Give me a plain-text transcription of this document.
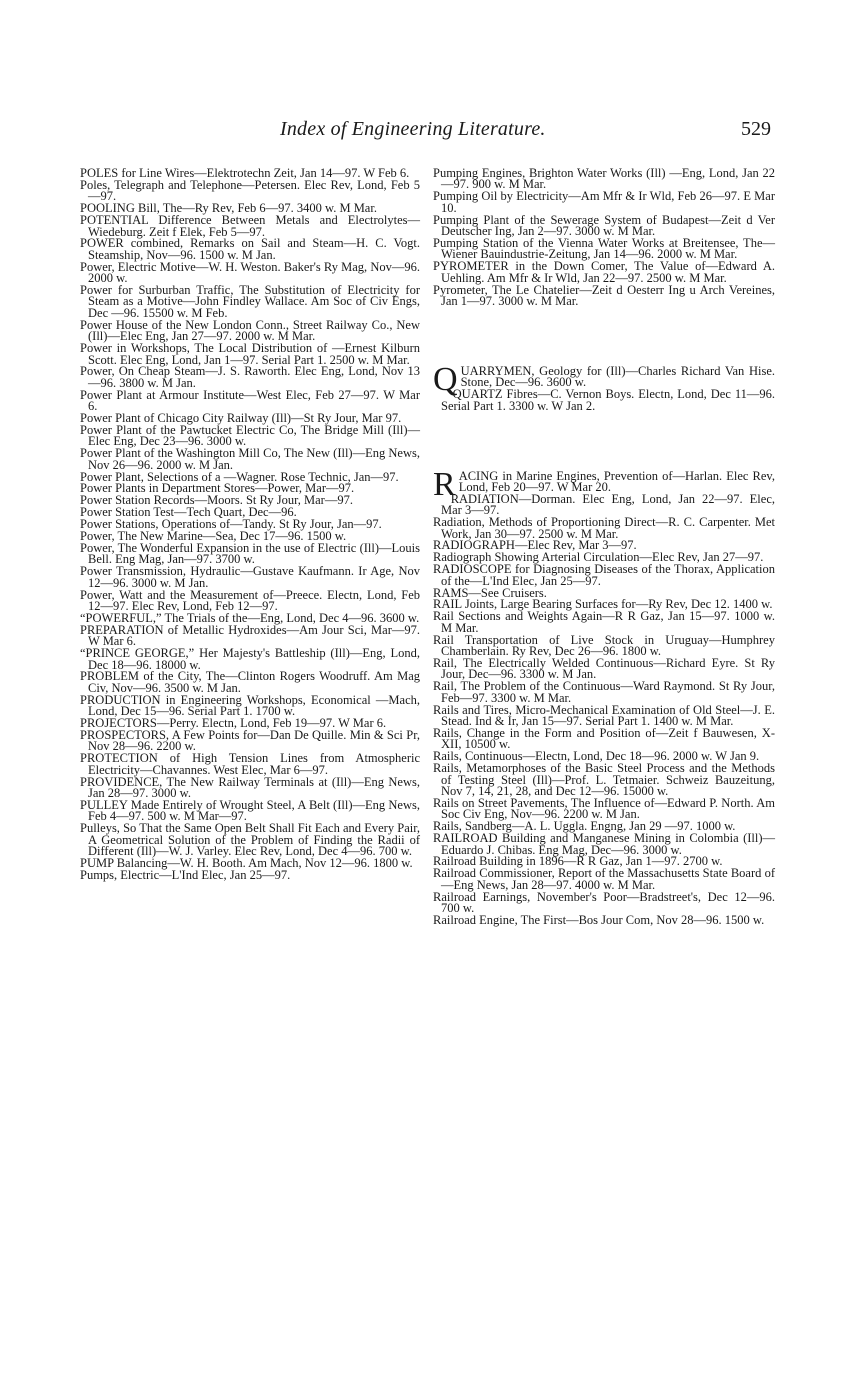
Index of Engineering Literature.	529

POLES for Line Wires—Elektrotechn Zeit, Jan 14—97. W Feb 6.

Poles, Telegraph and Telephone—Petersen. Elec Rev, Lond, Feb 5—97.

POOLING Bill, The—Ry Rev, Feb 6—97. 3400 w. M Mar.

POTENTIAL Difference Between Metals and Electrolytes—Wiedeburg. Zeit f Elek, Feb 5—97.

POWER combined, Remarks on Sail and Steam—H. C. Vogt. Steamship, Nov—96. 1500 w. M Jan.

Power, Electric Motive—W. H. Weston. Baker's Ry Mag, Nov—96. 2000 w.

Power for Surburban Traffic, The Substitution of Electricity for Steam as a Motive—John Findley Wallace. Am Soc of Civ Engs, Dec —96. 15500 w. M Feb.

Power House of the New London Conn., Street Railway Co., New (Ill)—Elec Eng, Jan 27—97. 2000 w. M Mar.

Power in Workshops, The Local Distribution of —Ernest Kilburn Scott. Elec Eng, Lond, Jan 1—97. Serial Part 1. 2500 w. M Mar.

Power, On Cheap Steam—J. S. Raworth. Elec Eng, Lond, Nov 13—96. 3800 w. M Jan.

Power Plant at Armour Institute—West Elec, Feb 27—97. W Mar 6.

Power Plant of Chicago City Railway (Ill)—St Ry Jour, Mar 97.

Power Plant of the Pawtucket Electric Co, The Bridge Mill (Ill)—Elec Eng, Dec 23—96. 3000 w.

Power Plant of the Washington Mill Co, The New (Ill)—Eng News, Nov 26—96. 2000 w. M Jan.

Power Plant, Selections of a —Wagner. Rose Technic, Jan—97.

Power Plants in Department Stores—Power, Mar—97.

Power Station Records—Moors. St Ry Jour, Mar—97.

Power Station Test—Tech Quart, Dec—96.

Power Stations, Operations of—Tandy. St Ry Jour, Jan—97.

Power, The New Marine—Sea, Dec 17—96. 1500 w.

Power, The Wonderful Expansion in the use of Electric (Ill)—Louis Bell. Eng Mag, Jan—97. 3700 w.

Power Transmission, Hydraulic—Gustave Kaufmann. Ir Age, Nov 12—96. 3000 w. M Jan.

Power, Watt and the Measurement of—Preece. Electn, Lond, Feb 12—97. Elec Rev, Lond, Feb 12—97.

“POWERFUL,” The Trials of the—Eng, Lond, Dec 4—96. 3600 w.

PREPARATION of Metallic Hydroxides—Am Jour Sci, Mar—97. W Mar 6.

“PRINCE GEORGE,” Her Majesty's Battleship (Ill)—Eng, Lond, Dec 18—96. 18000 w.

PROBLEM of the City, The—Clinton Rogers Woodruff. Am Mag Civ, Nov—96. 3500 w. M Jan.

PRODUCTION in Engineering Workshops, Economical —Mach, Lond, Dec 15—96. Serial Part 1. 1700 w.

PROJECTORS—Perry. Electn, Lond, Feb 19—97. W Mar 6.

PROSPECTORS, A Few Points for—Dan De Quille. Min & Sci Pr, Nov 28—96. 2200 w.

PROTECTION of High Tension Lines from Atmospheric Electricity—Chavannes. West Elec, Mar 6—97.

PROVIDENCE, The New Railway Terminals at (Ill)—Eng News, Jan 28—97. 3000 w.

PULLEY Made Entirely of Wrought Steel, A Belt (Ill)—Eng News, Feb 4—97. 500 w. M Mar—97.

Pulleys, So That the Same Open Belt Shall Fit Each and Every Pair, A Geometrical Solution of the Problem of Finding the Radii of Different (Ill)—W. J. Varley. Elec Rev, Lond, Dec 4—96. 700 w.

PUMP Balancing—W. H. Booth. Am Mach, Nov 12—96. 1800 w.

Pumps, Electric—L'Ind Elec, Jan 25—97.

Pumping Engines, Brighton Water Works (Ill) —Eng, Lond, Jan 22—97. 900 w. M Mar.

Pumping Oil by Electricity—Am Mfr & Ir Wld, Feb 26—97. E Mar 10.

Pumping Plant of the Sewerage System of Budapest—Zeit d Ver Deutscher Ing, Jan 2—97. 3000 w. M Mar.

Pumping Station of the Vienna Water Works at Breitensee, The—Wiener Bauindustrie-Zeitung, Jan 14—96. 2000 w. M Mar.

PYROMETER in the Down Comer, The Value of—Edward A. Uehling. Am Mfr & Ir Wld, Jan 22—97. 2500 w. M Mar.

Pyrometer, The Le Chatelier—Zeit d Oesterr Ing u Arch Vereines, Jan 1—97. 3000 w. M Mar.

QUARRYMEN, Geology for (Ill)—Charles Richard Van Hise. Stone, Dec—96. 3600 w.

QUARTZ Fibres—C. Vernon Boys. Electn, Lond, Dec 11—96. Serial Part 1. 3300 w. W Jan 2.

RACING in Marine Engines, Prevention of—Harlan. Elec Rev, Lond, Feb 20—97. W Mar 20.

RADIATION—Dorman. Elec Eng, Lond, Jan 22—97. Elec, Mar 3—97.

Radiation, Methods of Proportioning Direct—R. C. Carpenter. Met Work, Jan 30—97. 2500 w. M Mar.

RADIOGRAPH—Elec Rev, Mar 3—97.

Radiograph Showing Arterial Circulation—Elec Rev, Jan 27—97.

RADIOSCOPE for Diagnosing Diseases of the Thorax, Application of the—L'Ind Elec, Jan 25—97.

RAMS—See Cruisers.

RAIL Joints, Large Bearing Surfaces for—Ry Rev, Dec 12. 1400 w.

Rail Sections and Weights Again—R R Gaz, Jan 15—97. 1000 w. M Mar.

Rail Transportation of Live Stock in Uruguay—Humphrey Chamberlain. Ry Rev, Dec 26—96. 1800 w.

Rail, The Electrically Welded Continuous—Richard Eyre. St Ry Jour, Dec—96. 3300 w. M Jan.

Rail, The Problem of the Continuous—Ward Raymond. St Ry Jour, Feb—97. 3300 w. M Mar.

Rails and Tires, Micro-Mechanical Examination of Old Steel—J. E. Stead. Ind & Ir, Jan 15—97. Serial Part 1. 1400 w. M Mar.

Rails, Change in the Form and Position of—Zeit f Bauwesen, X-XII, 10500 w.

Rails, Continuous—Electn, Lond, Dec 18—96. 2000 w. W Jan 9.

Rails, Metamorphoses of the Basic Steel Process and the Methods of Testing Steel (Ill)—Prof. L. Tetmaier. Schweiz Bauzeitung, Nov 7, 14, 21, 28, and Dec 12—96. 15000 w.

Rails on Street Pavements, The Influence of—Edward P. North. Am Soc Civ Eng, Nov—96. 2200 w. M Jan.

Rails, Sandberg—A. L. Uggla. Engng, Jan 29 —97. 1000 w.

RAILROAD Building and Manganese Mining in Colombia (Ill)—Eduardo J. Chibas. Eng Mag, Dec—96. 3000 w.

Railroad Building in 1896—R R Gaz, Jan 1—97. 2700 w.

Railroad Commissioner, Report of the Massachusetts State Board of—Eng News, Jan 28—97. 4000 w. M Mar.

Railroad Earnings, November's Poor—Bradstreet's, Dec 12—96. 700 w.

Railroad Engine, The First—Bos Jour Com, Nov 28—96. 1500 w.
